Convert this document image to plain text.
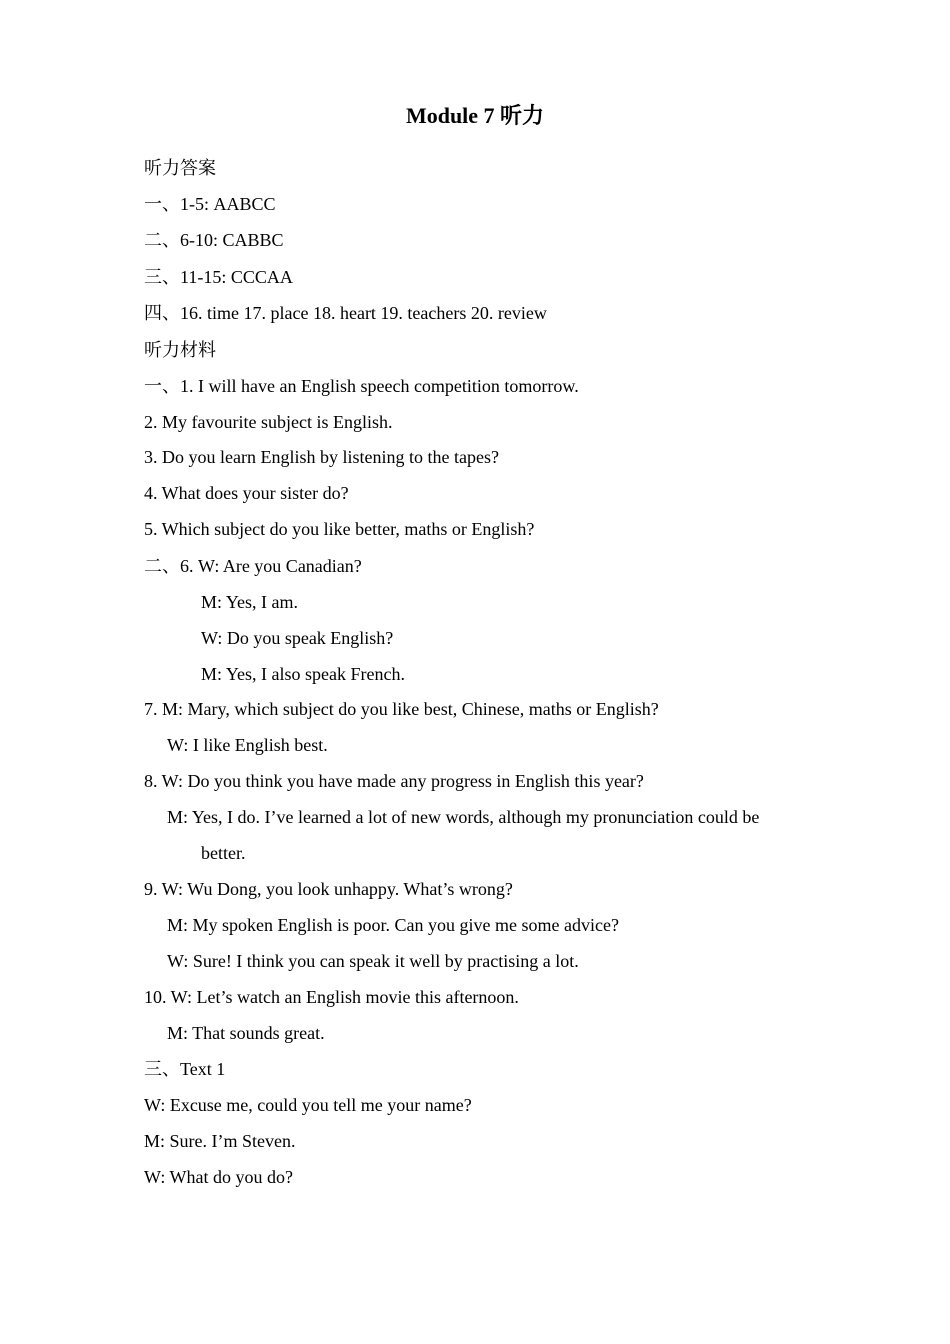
Module 7 听力
听力答案
一、1-5: AABCC
二、6-10: CABBC
三、11-15: CCCAA
四、16. time 17. place 18. heart 19. teachers 20. review
听力材料
一、1. I will have an English speech competition tomorrow.
2. My favourite subject is English.
3. Do you learn English by listening to the tapes?
4. What does your sister do?
5. Which subject do you like better, maths or English?
二、6. W: Are you Canadian?
M: Yes, I am.
W: Do you speak English?
M: Yes, I also speak French.
7. M: Mary, which subject do you like best, Chinese, maths or English?
W: I like English best.
8. W: Do you think you have made any progress in English this year?
M: Yes, I do. I’ve learned a lot of new words, although my pronunciation could be
better.
9. W: Wu Dong, you look unhappy. What’s wrong?
M: My spoken English is poor. Can you give me some advice?
W: Sure! I think you can speak it well by practising a lot.
10. W: Let’s watch an English movie this afternoon.
M: That sounds great.
三、Text 1
W: Excuse me, could you tell me your name?
M: Sure. I’m Steven.
W: What do you do?
